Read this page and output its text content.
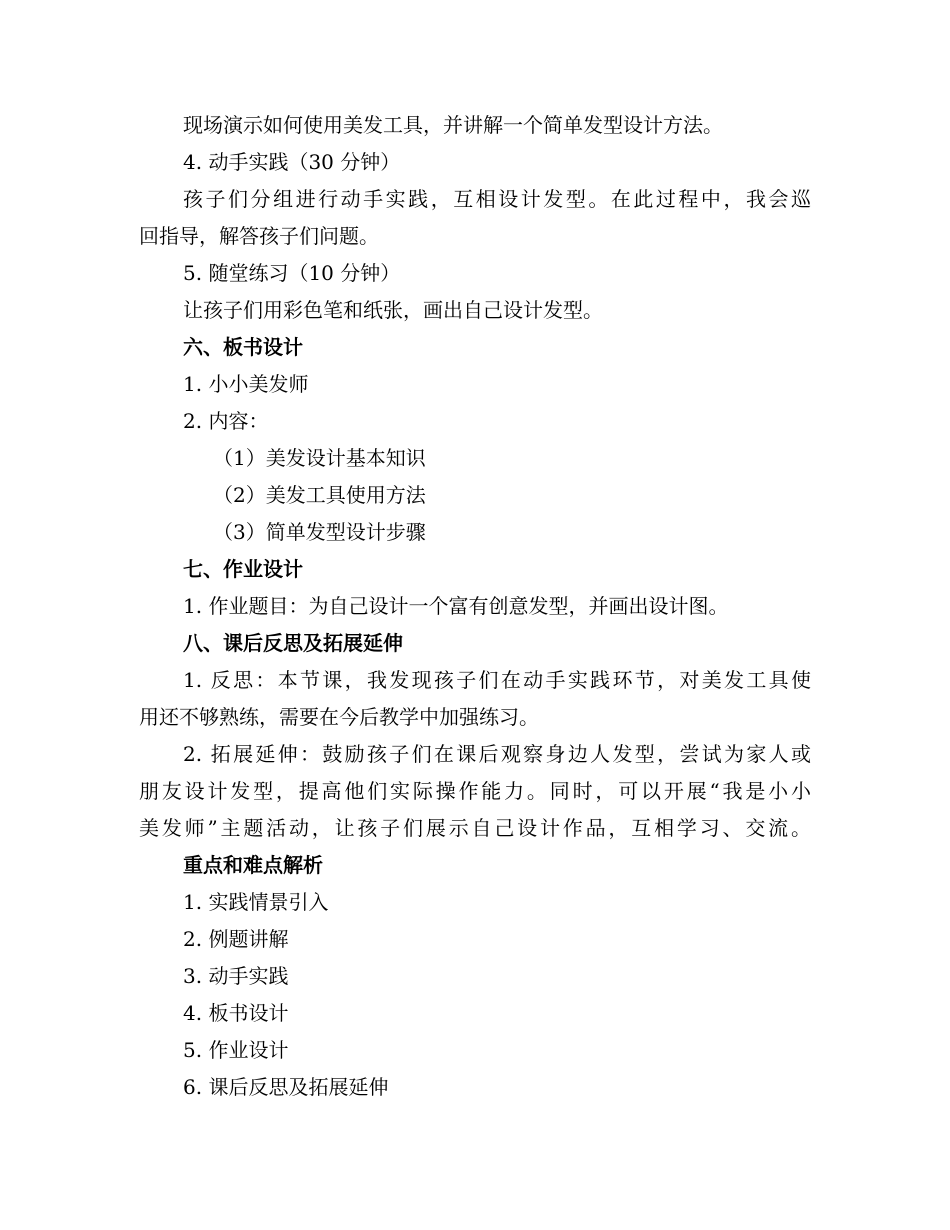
现场演示如何使用美发工具，并讲解一个简单发型设计方法。
4. 动手实践（30 分钟）
孩子们分组进行动手实践，互相设计发型。在此过程中，我会巡
回指导，解答孩子们问题。
5. 随堂练习（10 分钟）
让孩子们用彩色笔和纸张，画出自己设计发型。
六、板书设计
1. 小小美发师
2. 内容：
（1）美发设计基本知识
（2）美发工具使用方法
（3）简单发型设计步骤
七、作业设计
1. 作业题目：为自己设计一个富有创意发型，并画出设计图。
八、课后反思及拓展延伸
1. 反思：本节课，我发现孩子们在动手实践环节，对美发工具使
用还不够熟练，需要在今后教学中加强练习。
2. 拓展延伸：鼓励孩子们在课后观察身边人发型，尝试为家人或
朋友设计发型，提高他们实际操作能力。同时，可以开展“我是小小
美发师”主题活动，让孩子们展示自己设计作品，互相学习、交流。
重点和难点解析
1. 实践情景引入
2. 例题讲解
3. 动手实践
4. 板书设计
5. 作业设计
6. 课后反思及拓展延伸
